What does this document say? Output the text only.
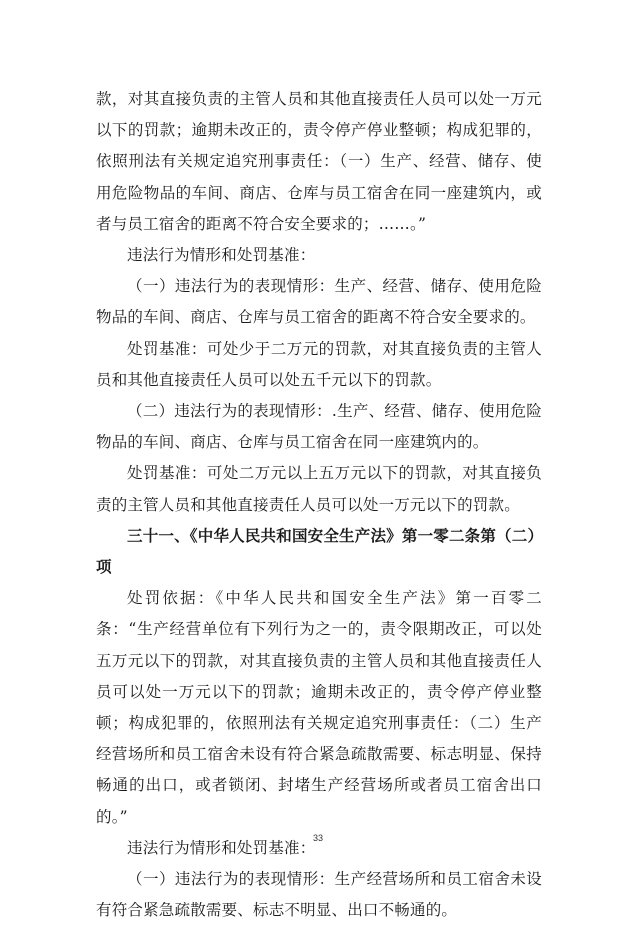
款，对其直接负责的主管人员和其他直接责任人员可以处一万元以下的罚款；逾期未改正的，责令停产停业整顿；构成犯罪的，依照刑法有关规定追究刑事责任：（一）生产、经营、储存、使用危险物品的车间、商店、仓库与员工宿舍在同一座建筑内，或者与员工宿舍的距离不符合安全要求的；……。”

违法行为情形和处罚基准：

（一）违法行为的表现情形：生产、经营、储存、使用危险物品的车间、商店、仓库与员工宿舍的距离不符合安全要求的。

处罚基准：可处少于二万元的罚款，对其直接负责的主管人员和其他直接责任人员可以处五千元以下的罚款。

（二）违法行为的表现情形：.生产、经营、储存、使用危险物品的车间、商店、仓库与员工宿舍在同一座建筑内的。

处罚基准：可处二万元以上五万元以下的罚款，对其直接负责的主管人员和其他直接责任人员可以处一万元以下的罚款。

三十一、《中华人民共和国安全生产法》第一零二条第（二）项

处罚依据：《中华人民共和国安全生产法》第一百零二条：“生产经营单位有下列行为之一的，责令限期改正，可以处五万元以下的罚款，对其直接负责的主管人员和其他直接责任人员可以处一万元以下的罚款；逾期未改正的，责令停产停业整顿；构成犯罪的，依照刑法有关规定追究刑事责任：（二）生产经营场所和员工宿舍未设有符合紧急疏散需要、标志明显、保持畅通的出口，或者锁闭、封堵生产经营场所或者员工宿舍出口的。”

违法行为情形和处罚基准：

（一）违法行为的表现情形：生产经营场所和员工宿舍未设有符合紧急疏散需要、标志不明显、出口不畅通的。

33
